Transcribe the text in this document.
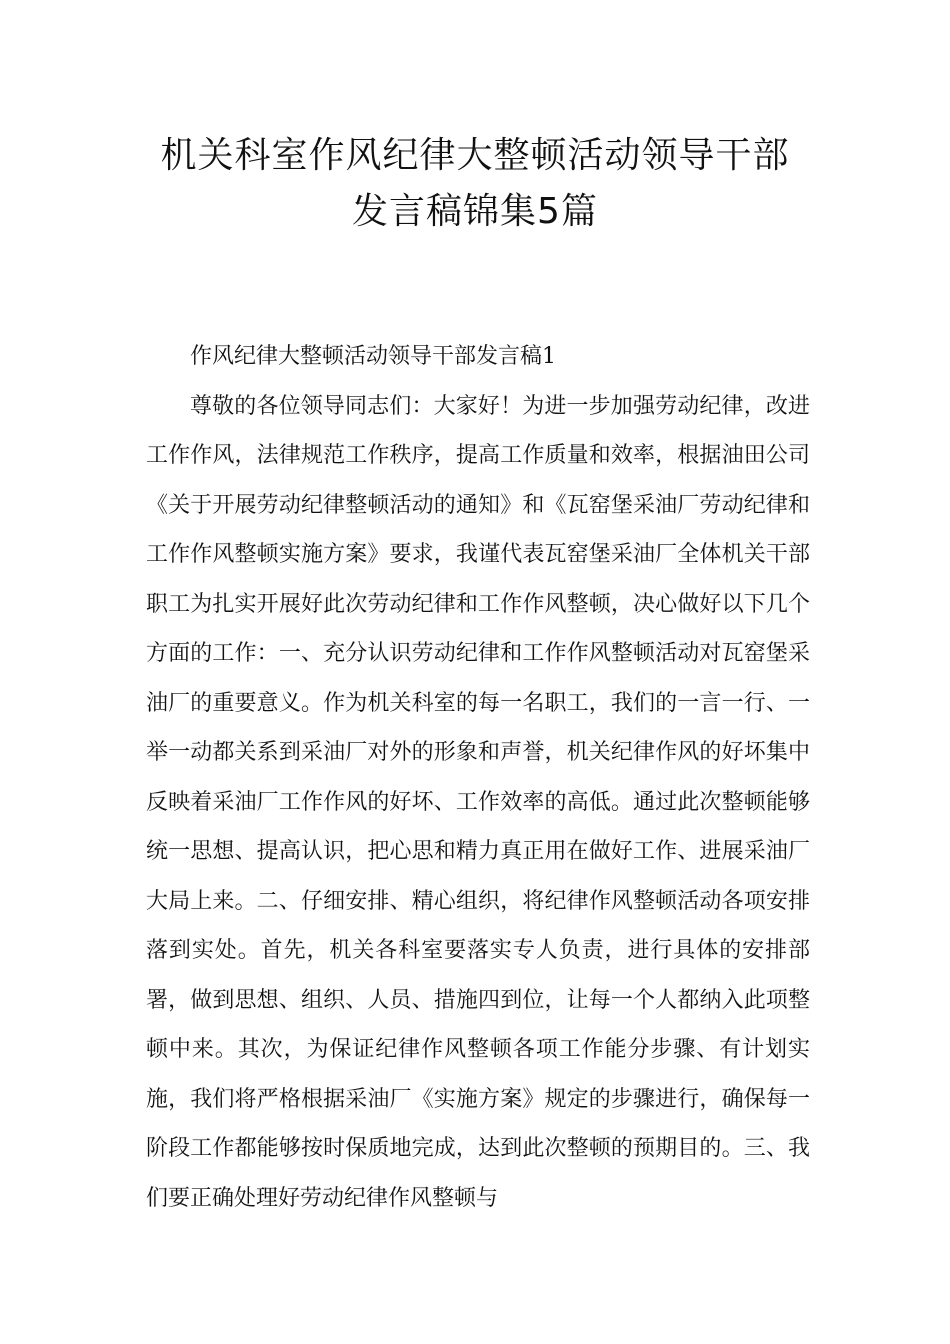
机关科室作风纪律大整顿活动领导干部
发言稿锦集5篇

作风纪律大整顿活动领导干部发言稿1

尊敬的各位领导同志们：大家好！为进一步加强劳动纪律，改进工作作风，法律规范工作秩序，提高工作质量和效率，根据油田公司《关于开展劳动纪律整顿活动的通知》和《瓦窑堡采油厂劳动纪律和工作作风整顿实施方案》要求，我谨代表瓦窑堡采油厂全体机关干部职工为扎实开展好此次劳动纪律和工作作风整顿，决心做好以下几个方面的工作：一、充分认识劳动纪律和工作作风整顿活动对瓦窑堡采油厂的重要意义。作为机关科室的每一名职工，我们的一言一行、一举一动都关系到采油厂对外的形象和声誉，机关纪律作风的好坏集中反映着采油厂工作作风的好坏、工作效率的高低。通过此次整顿能够统一思想、提高认识，把心思和精力真正用在做好工作、进展采油厂大局上来。二、仔细安排、精心组织，将纪律作风整顿活动各项安排落到实处。首先，机关各科室要落实专人负责，进行具体的安排部署，做到思想、组织、人员、措施四到位，让每一个人都纳入此项整顿中来。其次，为保证纪律作风整顿各项工作能分步骤、有计划实施，我们将严格根据采油厂《实施方案》规定的步骤进行，确保每一阶段工作都能够按时保质地完成，达到此次整顿的预期目的。三、我们要正确处理好劳动纪律作风整顿与
